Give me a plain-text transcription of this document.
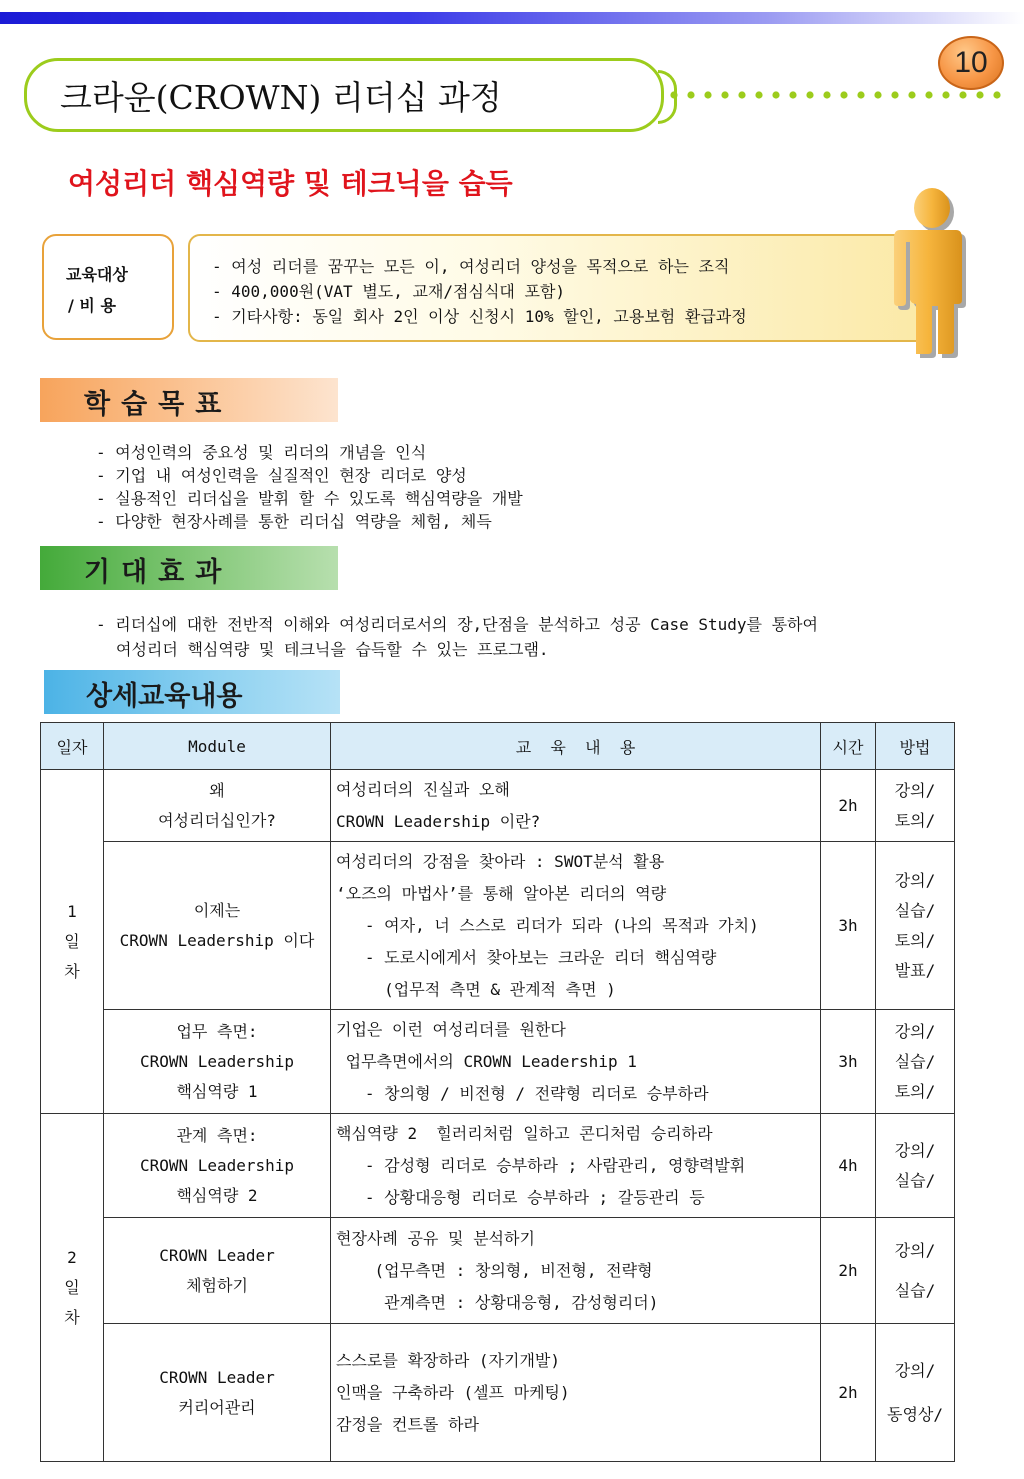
크라운(CROWN) 리더십 과정
10
여성리더 핵심역량 및 테크닉을 습득
교육대상
/ 비 용
- 여성 리더를 꿈꾸는 모든 이, 여성리더 양성을 목적으로 하는 조직
- 400,000원(VAT 별도, 교재/점심식대 포함)
- 기타사항: 동일 회사 2인 이상 신청시 10% 할인, 고용보험 환급과정
학습목표
- 여성인력의 중요성 및 리더의 개념을 인식
- 기업 내 여성인력을 실질적인 현장 리더로 양성
- 실용적인 리더십을 발휘 할 수 있도록 핵심역량을 개발
- 다양한 현장사례를 통한 리더십 역량을 체험, 체득
기대효과
- 리더십에 대한 전반적 이해와 여성리더로서의 장,단점을 분석하고 성공 Case Study를 통하여
여성리더 핵심역량 및 테크닉을 습득할 수 있는 프로그램.
상세교육내용
일자	Module	교  육  내  용	시간	방법

1
일
차	왜
여성리더십인가?	여성리더의 진실과 오해
CROWN Leadership 이란?	2h	강의/
토의/

	이제는
CROWN Leadership 이다	여성리더의 강점을 찾아라 : SWOT분석 활용
‘오즈의 마법사’를 통해 알아본 리더의 역량
- 여자, 너 스스로 리더가 되라 (나의 목적과 가치)
- 도로시에게서 찾아보는 크라운 리더 핵심역량
(업무적 측면 & 관계적 측면 )	3h	강의/
실습/
토의/
발표/

	업무 측면:
CROWN Leadership
핵심역량 1	기업은 이런 여성리더를 원한다
업무측면에서의 CROWN Leadership 1
- 창의형 / 비전형 / 전략형 리더로 승부하라	3h	강의/
실습/
토의/

2
일
차	관계 측면:
CROWN Leadership
핵심역량 2	핵심역량 2  힐러리처럼 일하고 콘디처럼 승리하라
- 감성형 리더로 승부하라 ; 사람관리, 영향력발휘
- 상황대응형 리더로 승부하라 ; 갈등관리 등	4h	강의/
실습/

	CROWN Leader
체험하기	현장사례 공유 및 분석하기
(업무측면 : 창의형, 비전형, 전략형
관계측면 : 상황대응형, 감성형리더)	2h	강의/
실습/

	CROWN Leader
커리어관리	스스로를 확장하라 (자기개발)
인맥을 구축하라 (셀프 마케팅)
감정을 컨트롤 하라	2h	강의/
동영상/
